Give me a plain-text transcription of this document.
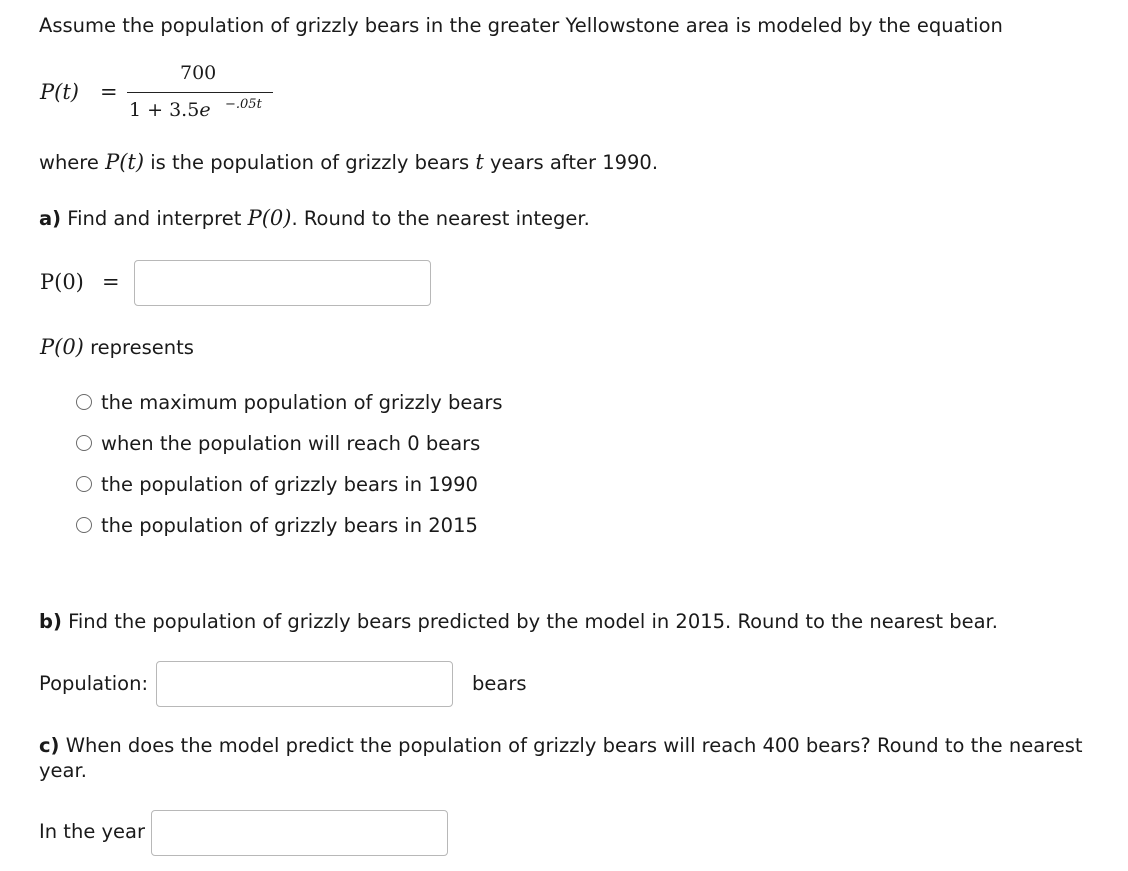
Assume the population of grizzly bears in the greater Yellowstone area is modeled by the equation
P(t) =
700
1 + 3.5e −.05t
where P(t) is the population of grizzly bears t years after 1990.
a) Find and interpret P(0). Round to the nearest integer.
P(0) =
P(0) represents
the maximum population of grizzly bears
when the population will reach 0 bears
the population of grizzly bears in 1990
the population of grizzly bears in 2015
b) Find the population of grizzly bears predicted by the model in 2015. Round to the nearest bear.
Population:	bears
c) When does the model predict the population of grizzly bears will reach 400 bears? Round to the nearest
year.
In the year
